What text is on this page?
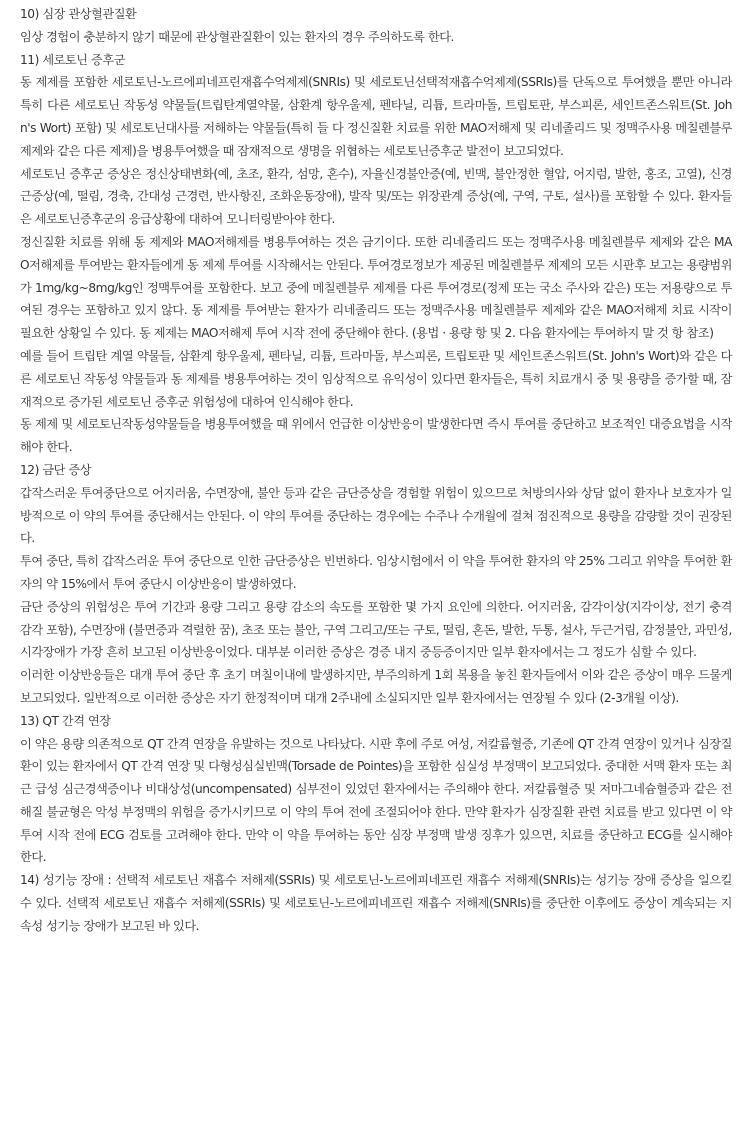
10) 심장 관상혈관질환

임상 경험이 충분하지 않기 때문에 관상혈관질환이 있는 환자의 경우 주의하도록 한다.

11) 세로토닌 증후군

동 제제를 포함한 세로토닌-노르에피네프린재흡수억제제(SNRIs) 및 세로토닌선택적재흡수억제제(SSRIs)를 단독으로 투여했을 뿐만 아니라 특히 다른 세로토닌 작동성 약물들(트립탄계열약물, 삼환계 항우울제, 펜타닐, 리튬, 트라마돌, 트립토판, 부스피론, 세인트존스워트(St. John's Wort) 포함) 및 세로토닌대사를 저해하는 약물들(특히 들 다 정신질환 치료를 위한 MAO저해제 및 리네졸리드 및 정맥주사용 메칠렌블루 제제와 같은 다른 제제)을 병용투여했을 때 잠재적으로 생명을 위협하는 세로토닌증후군 발전이 보고되었다.

세로토닌 증후군 증상은 정신상태변화(예, 초조, 환각, 섬망, 혼수), 자율신경불안증(예, 빈맥, 불안정한 혈압, 어지럼, 발한, 홍조, 고열), 신경근증상(예, 떨림, 경축, 간대성 근경련, 반사항진, 조화운동장애), 발작 및/또는 위장관계 증상(예, 구역, 구토, 설사)를 포함할 수 있다. 환자들은 세로토닌증후군의 응급상황에 대하여 모니터링받아야 한다.

정신질환 치료를 위해 동 제제와 MAO저해제를 병용투여하는 것은 금기이다. 또한 리네졸리드 또는 정맥주사용 메칠렌블루 제제와 같은 MAO저해제를 투여받는 환자들에게 동 제제 투여를 시작해서는 안된다. 투여경로정보가 제공된 메칠렌블루 제제의 모든 시판후 보고는 용량범위가 1mg/kg~8mg/kg인 정맥투여를 포함한다. 보고 중에 메칠렌블루 제제를 다른 투여경로(정제 또는 국소 주사와 같은) 또는 저용량으로 투여된 경우는 포함하고 있지 않다. 동 제제를 투여받는 환자가 리네졸리드 또는 정맥주사용 메칠렌블루 제제와 같은 MAO저해제 치료 시작이 필요한 상황일 수 있다. 동 제제는 MAO저해제 투여 시작 전에 중단해야 한다. (용법 · 용량 항 및 2. 다음 환자에는 투여하지 말 것 항 참조)

예를 들어 트립탄 계열 약물들, 삼환계 항우울제, 펜타닐, 리튬, 트라마돌, 부스피론, 트립토판 및 세인트존스워트(St. John's Wort)와 같은 다른 세로토닌 작동성 약물들과 동 제제를 병용투여하는 것이 임상적으로 유익성이 있다면 환자들은, 특히 치료개시 중 및 용량을 증가할 때, 잠재적으로 증가된 세로토닌 증후군 위험성에 대하여 인식해야 한다.

동 제제 및 세로토닌작동성약물들을 병용투여했을 때 위에서 언급한 이상반응이 발생한다면 즉시 투여를 중단하고 보조적인 대증요법을 시작해야 한다.

12) 금단 증상

갑작스러운 투여중단으로 어지러움, 수면장애, 불안 등과 같은 금단증상을 경험할 위험이 있으므로 처방의사와 상담 없이 환자나 보호자가 일방적으로 이 약의 투여를 중단해서는 안된다. 이 약의 투여를 중단하는 경우에는 수주나 수개월에 걸쳐 점진적으로 용량을 감량할 것이 권장된다.

투여 중단, 특히 갑작스러운 투여 중단으로 인한 금단증상은 빈번하다. 임상시험에서 이 약을 투여한 환자의 약 25% 그리고 위약을 투여한 환자의 약 15%에서 투여 중단시 이상반응이 발생하였다.

금단 증상의 위험성은 투여 기간과 용량 그리고 용량 감소의 속도를 포함한 몇 가지 요인에 의한다. 어지러움, 감각이상(지각이상, 전기 충격 감각 포함), 수면장애 (불면증과 격렬한 꿈), 초조 또는 불안, 구역 그리고/또는 구토, 떨림, 혼돈, 발한, 두통, 설사, 두근거림, 감정불안, 과민성, 시각장애가 가장 흔히 보고된 이상반응이었다. 대부분 이러한 증상은 경증 내지 중등증이지만 일부 환자에서는 그 정도가 심할 수 있다.

이러한 이상반응들은 대개 투여 중단 후 초기 며칠이내에 발생하지만, 부주의하게 1회 복용을 놓친 환자들에서 이와 같은 증상이 매우 드물게 보고되었다. 일반적으로 이러한 증상은 자기 한정적이며 대개 2주내에 소실되지만 일부 환자에서는 연장될 수 있다 (2-3개월 이상).

13) QT 간격 연장

이 약은 용량 의존적으로 QT 간격 연장을 유발하는 것으로 나타났다. 시판 후에 주로 여성, 저칼륨혈증, 기존에 QT 간격 연장이 있거나 심장질환이 있는 환자에서 QT 간격 연장 및 다형성심실빈맥(Torsade de Pointes)을 포함한 심실성 부정맥이 보고되었다. 중대한 서맥 환자 또는 최근 급성 심근경색증이나 비대상성(uncompensated) 심부전이 있었던 환자에서는 주의해야 한다. 저칼륨혈증 및 저마그네슘혈증과 같은 전해질 불균형은 악성 부정맥의 위험을 증가시키므로 이 약의 투여 전에 조절되어야 한다. 만약 환자가 심장질환 관련 치료를 받고 있다면 이 약 투여 시작 전에 ECG 검토를 고려해야 한다. 만약 이 약을 투여하는 동안 심장 부정맥 발생 징후가 있으면, 치료를 중단하고 ECG를 실시해야 한다.

14) 성기능 장애 : 선택적 세로토닌 재흡수 저해제(SSRIs) 및 세로토닌-노르에피네프린 재흡수 저해제(SNRIs)는 성기능 장애 증상을 일으킬 수 있다. 선택적 세로토닌 재흡수 저해제(SSRIs) 및 세로토닌-노르에피네프린 재흡수 저해제(SNRIs)를 중단한 이후에도 증상이 계속되는 지속성 성기능 장애가 보고된 바 있다.
